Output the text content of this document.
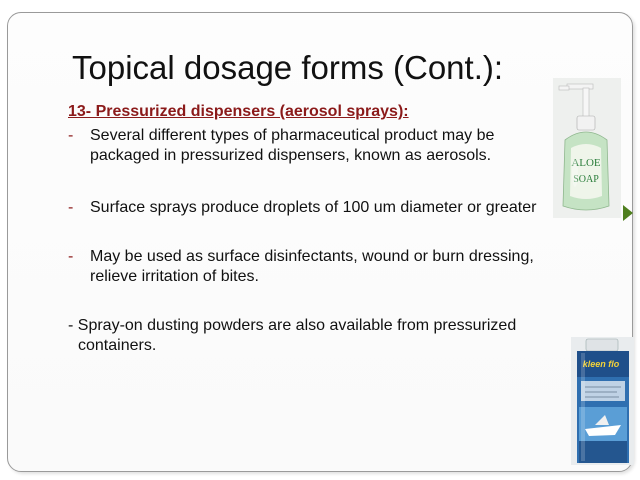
Topical dosage forms (Cont.):
13- Pressurized dispensers (aerosol sprays):
- Several different types of pharmaceutical product may be
packaged in pressurized dispensers, known as aerosols.
- Surface sprays produce droplets of 100 um diameter or greater
- May be used as surface disinfectants, wound or burn dressing,
relieve irritation of bites.
- Spray-on dusting powders are also available from pressurized
containers.
ALOE
SOAP
kleen flo
